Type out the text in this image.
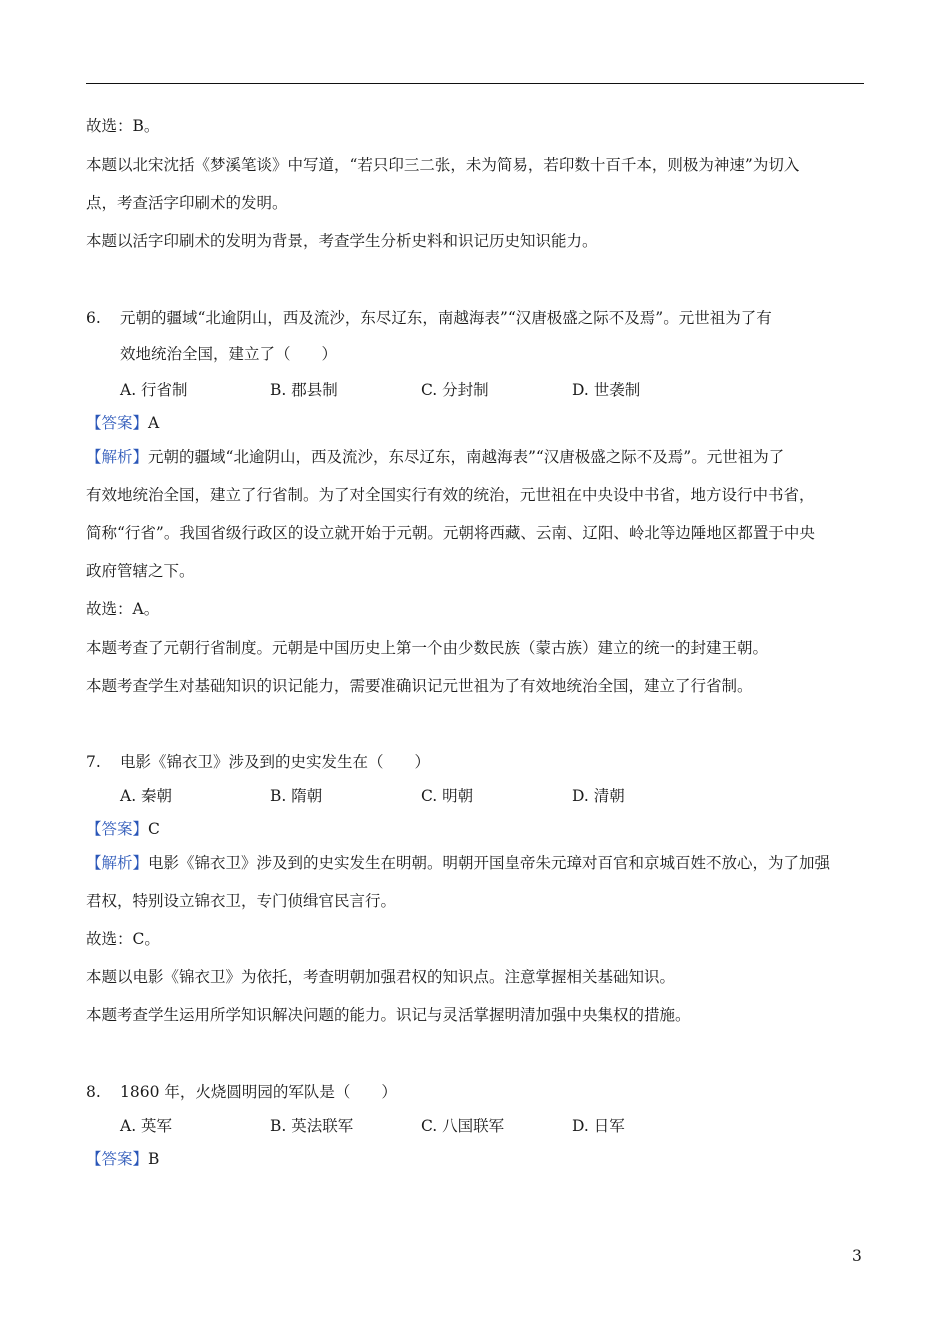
故选：B。
本题以北宋沈括《梦溪笔谈》中写道，“若只印三二张，未为简易，若印数十百千本，则极为神速”为切入
点，考查活字印刷术的发明。
本题以活字印刷术的发明为背景，考查学生分析史料和识记历史知识能力。
6. 元朝的疆域“北逾阴山，西及流沙，东尽辽东，南越海表”“汉唐极盛之际不及焉”。元世祖为了有
效地统治全国，建立了（　　）
A. 行省制	B. 郡县制	C. 分封制	D. 世袭制
【答案】A
【解析】元朝的疆域“北逾阴山，西及流沙，东尽辽东，南越海表”“汉唐极盛之际不及焉”。元世祖为了
有效地统治全国，建立了行省制。为了对全国实行有效的统治，元世祖在中央设中书省，地方设行中书省，
简称“行省”。我国省级行政区的设立就开始于元朝。元朝将西藏、云南、辽阳、岭北等边陲地区都置于中央
政府管辖之下。
故选：A。
本题考查了元朝行省制度。元朝是中国历史上第一个由少数民族（蒙古族）建立的统一的封建王朝。
本题考查学生对基础知识的识记能力，需要准确识记元世祖为了有效地统治全国，建立了行省制。
7. 电影《锦衣卫》涉及到的史实发生在（　　）
A. 秦朝	B. 隋朝	C. 明朝	D. 清朝
【答案】C
【解析】电影《锦衣卫》涉及到的史实发生在明朝。明朝开国皇帝朱元璋对百官和京城百姓不放心，为了加强
君权，特别设立锦衣卫，专门侦缉官民言行。
故选：C。
本题以电影《锦衣卫》为依托，考查明朝加强君权的知识点。注意掌握相关基础知识。
本题考查学生运用所学知识解决问题的能力。识记与灵活掌握明清加强中央集权的措施。
8. 1860 年，火烧圆明园的军队是（　　）
A. 英军	B. 英法联军	C. 八国联军	D. 日军
【答案】B
3
